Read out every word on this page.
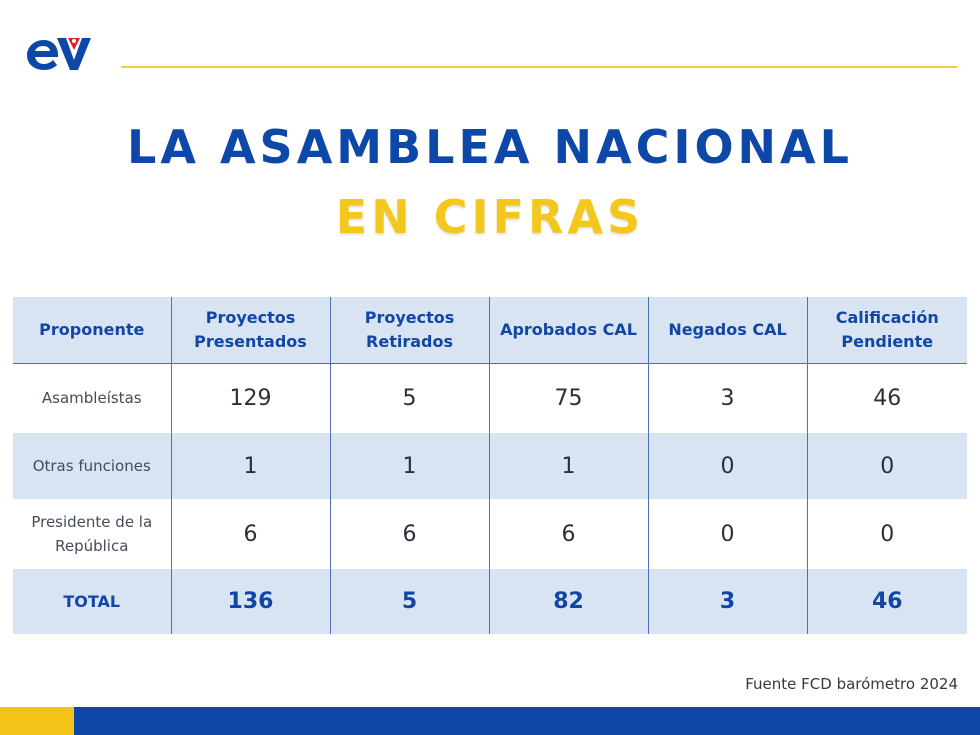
LA ASAMBLEA NACIONAL
EN CIFRAS
Proponente	Proyectos Presentados	Proyectos Retirados	Aprobados CAL	Negados CAL	Calificación Pendiente
Asambleístas	129	5	75	3	46
Otras funciones	1	1	1	0	0
Presidente de la República	6	6	6	0	0
TOTAL	136	5	82	3	46
Fuente FCD barómetro 2024
